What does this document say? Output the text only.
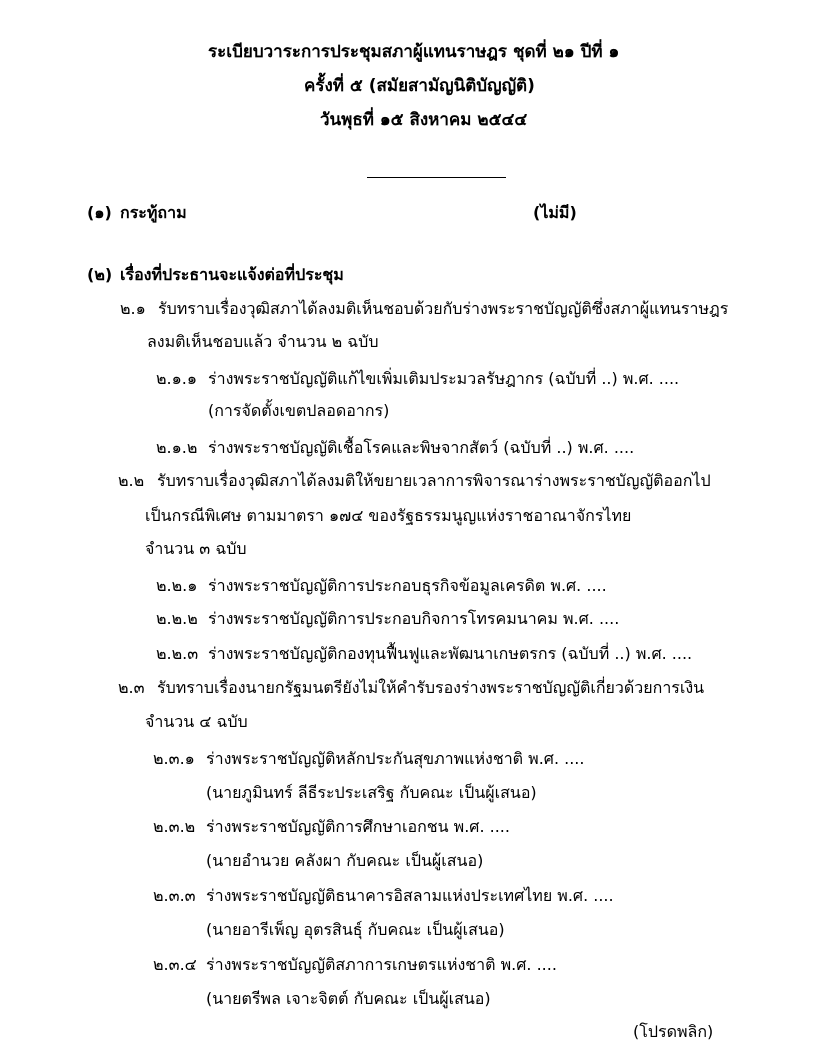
ระเบียบวาระการประชุมสภาผู้แทนราษฎร ชุดที่ ๒๑ ปีที่ ๑
ครั้งที่ ๕ (สมัยสามัญนิติบัญญัติ)
วันพุธที่ ๑๕ สิงหาคม ๒๕๔๔
(๑) กระทู้ถาม	(ไม่มี)
(๒) เรื่องที่ประธานจะแจ้งต่อที่ประชุม
๒.๑ รับทราบเรื่องวุฒิสภาได้ลงมติเห็นชอบด้วยกับร่างพระราชบัญญัติซึ่งสภาผู้แทนราษฎร
ลงมติเห็นชอบแล้ว จำนวน ๒ ฉบับ
๒.๑.๑ ร่างพระราชบัญญัติแก้ไขเพิ่มเติมประมวลรัษฎากร (ฉบับที่ ..) พ.ศ. ....
(การจัดตั้งเขตปลอดอากร)
๒.๑.๒ ร่างพระราชบัญญัติเชื้อโรคและพิษจากสัตว์ (ฉบับที่ ..) พ.ศ. ....
๒.๒ รับทราบเรื่องวุฒิสภาได้ลงมติให้ขยายเวลาการพิจารณาร่างพระราชบัญญัติออกไป
เป็นกรณีพิเศษ ตามมาตรา ๑๗๔ ของรัฐธรรมนูญแห่งราชอาณาจักรไทย
จำนวน ๓ ฉบับ
๒.๒.๑ ร่างพระราชบัญญัติการประกอบธุรกิจข้อมูลเครดิต พ.ศ. ....
๒.๒.๒ ร่างพระราชบัญญัติการประกอบกิจการโทรคมนาคม พ.ศ. ....
๒.๒.๓ ร่างพระราชบัญญัติกองทุนฟื้นฟูและพัฒนาเกษตรกร (ฉบับที่ ..) พ.ศ. ....
๒.๓ รับทราบเรื่องนายกรัฐมนตรียังไม่ให้คำรับรองร่างพระราชบัญญัติเกี่ยวด้วยการเงิน
จำนวน ๔ ฉบับ
๒.๓.๑ ร่างพระราชบัญญัติหลักประกันสุขภาพแห่งชาติ พ.ศ. ....
(นายภูมินทร์ ลีธีระประเสริฐ กับคณะ เป็นผู้เสนอ)
๒.๓.๒ ร่างพระราชบัญญัติการศึกษาเอกชน พ.ศ. ....
(นายอำนวย คลังผา กับคณะ เป็นผู้เสนอ)
๒.๓.๓ ร่างพระราชบัญญัติธนาคารอิสลามแห่งประเทศไทย พ.ศ. ....
(นายอารีเพ็ญ อุตรสินธุ์ กับคณะ เป็นผู้เสนอ)
๒.๓.๔ ร่างพระราชบัญญัติสภาการเกษตรแห่งชาติ พ.ศ. ....
(นายตรีพล เจาะจิตต์ กับคณะ เป็นผู้เสนอ)
(โปรดพลิก)
